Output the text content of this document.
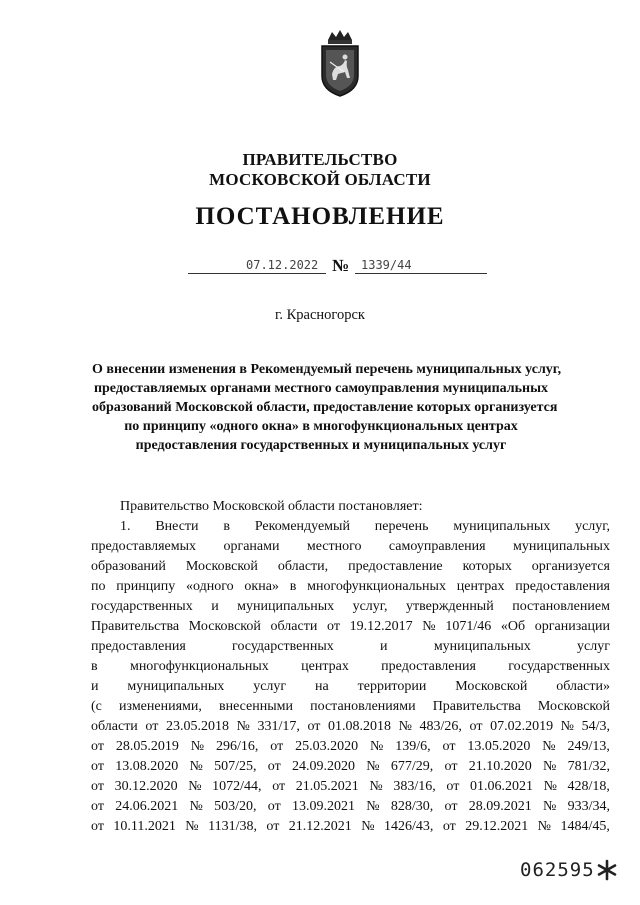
ПРАВИТЕЛЬСТВО
МОСКОВСКОЙ ОБЛАСТИ
ПОСТАНОВЛЕНИЕ
07.12.2022 № 1339/44
г. Красногорск
О внесении изменения в Рекомендуемый перечень муниципальных услуг,
предоставляемых органами местного самоуправления муниципальных
образований Московской области, предоставление которых организуется
по принципу «одного окна» в многофункциональных центрах
предоставления государственных и муниципальных услуг
Правительство Московской области постановляет:
1. Внести в Рекомендуемый перечень муниципальных услуг,
предоставляемых органами местного самоуправления муниципальных
образований Московской области, предоставление которых организуется
по принципу «одного окна» в многофункциональных центрах предоставления
государственных и муниципальных услуг, утвержденный постановлением
Правительства Московской области от 19.12.2017 № 1071/46 «Об организации
предоставления	государственных	и	муниципальных	услуг
в многофункциональных центрах предоставления государственных
и муниципальных услуг на территории Московской области»
(с изменениями, внесенными постановлениями Правительства Московской
области от 23.05.2018 № 331/17, от 01.08.2018 № 483/26, от 07.02.2019 № 54/3,
от 28.05.2019 № 296/16, от 25.03.2020 № 139/6, от 13.05.2020 № 249/13,
от 13.08.2020 № 507/25, от 24.09.2020 № 677/29, от 21.10.2020 № 781/32,
от 30.12.2020 № 1072/44, от 21.05.2021 № 383/16, от 01.06.2021 № 428/18,
от 24.06.2021 № 503/20, от 13.09.2021 № 828/30, от 28.09.2021 № 933/34,
от 10.11.2021 № 1131/38, от 21.12.2021 № 1426/43, от 29.12.2021 № 1484/45,
062595
